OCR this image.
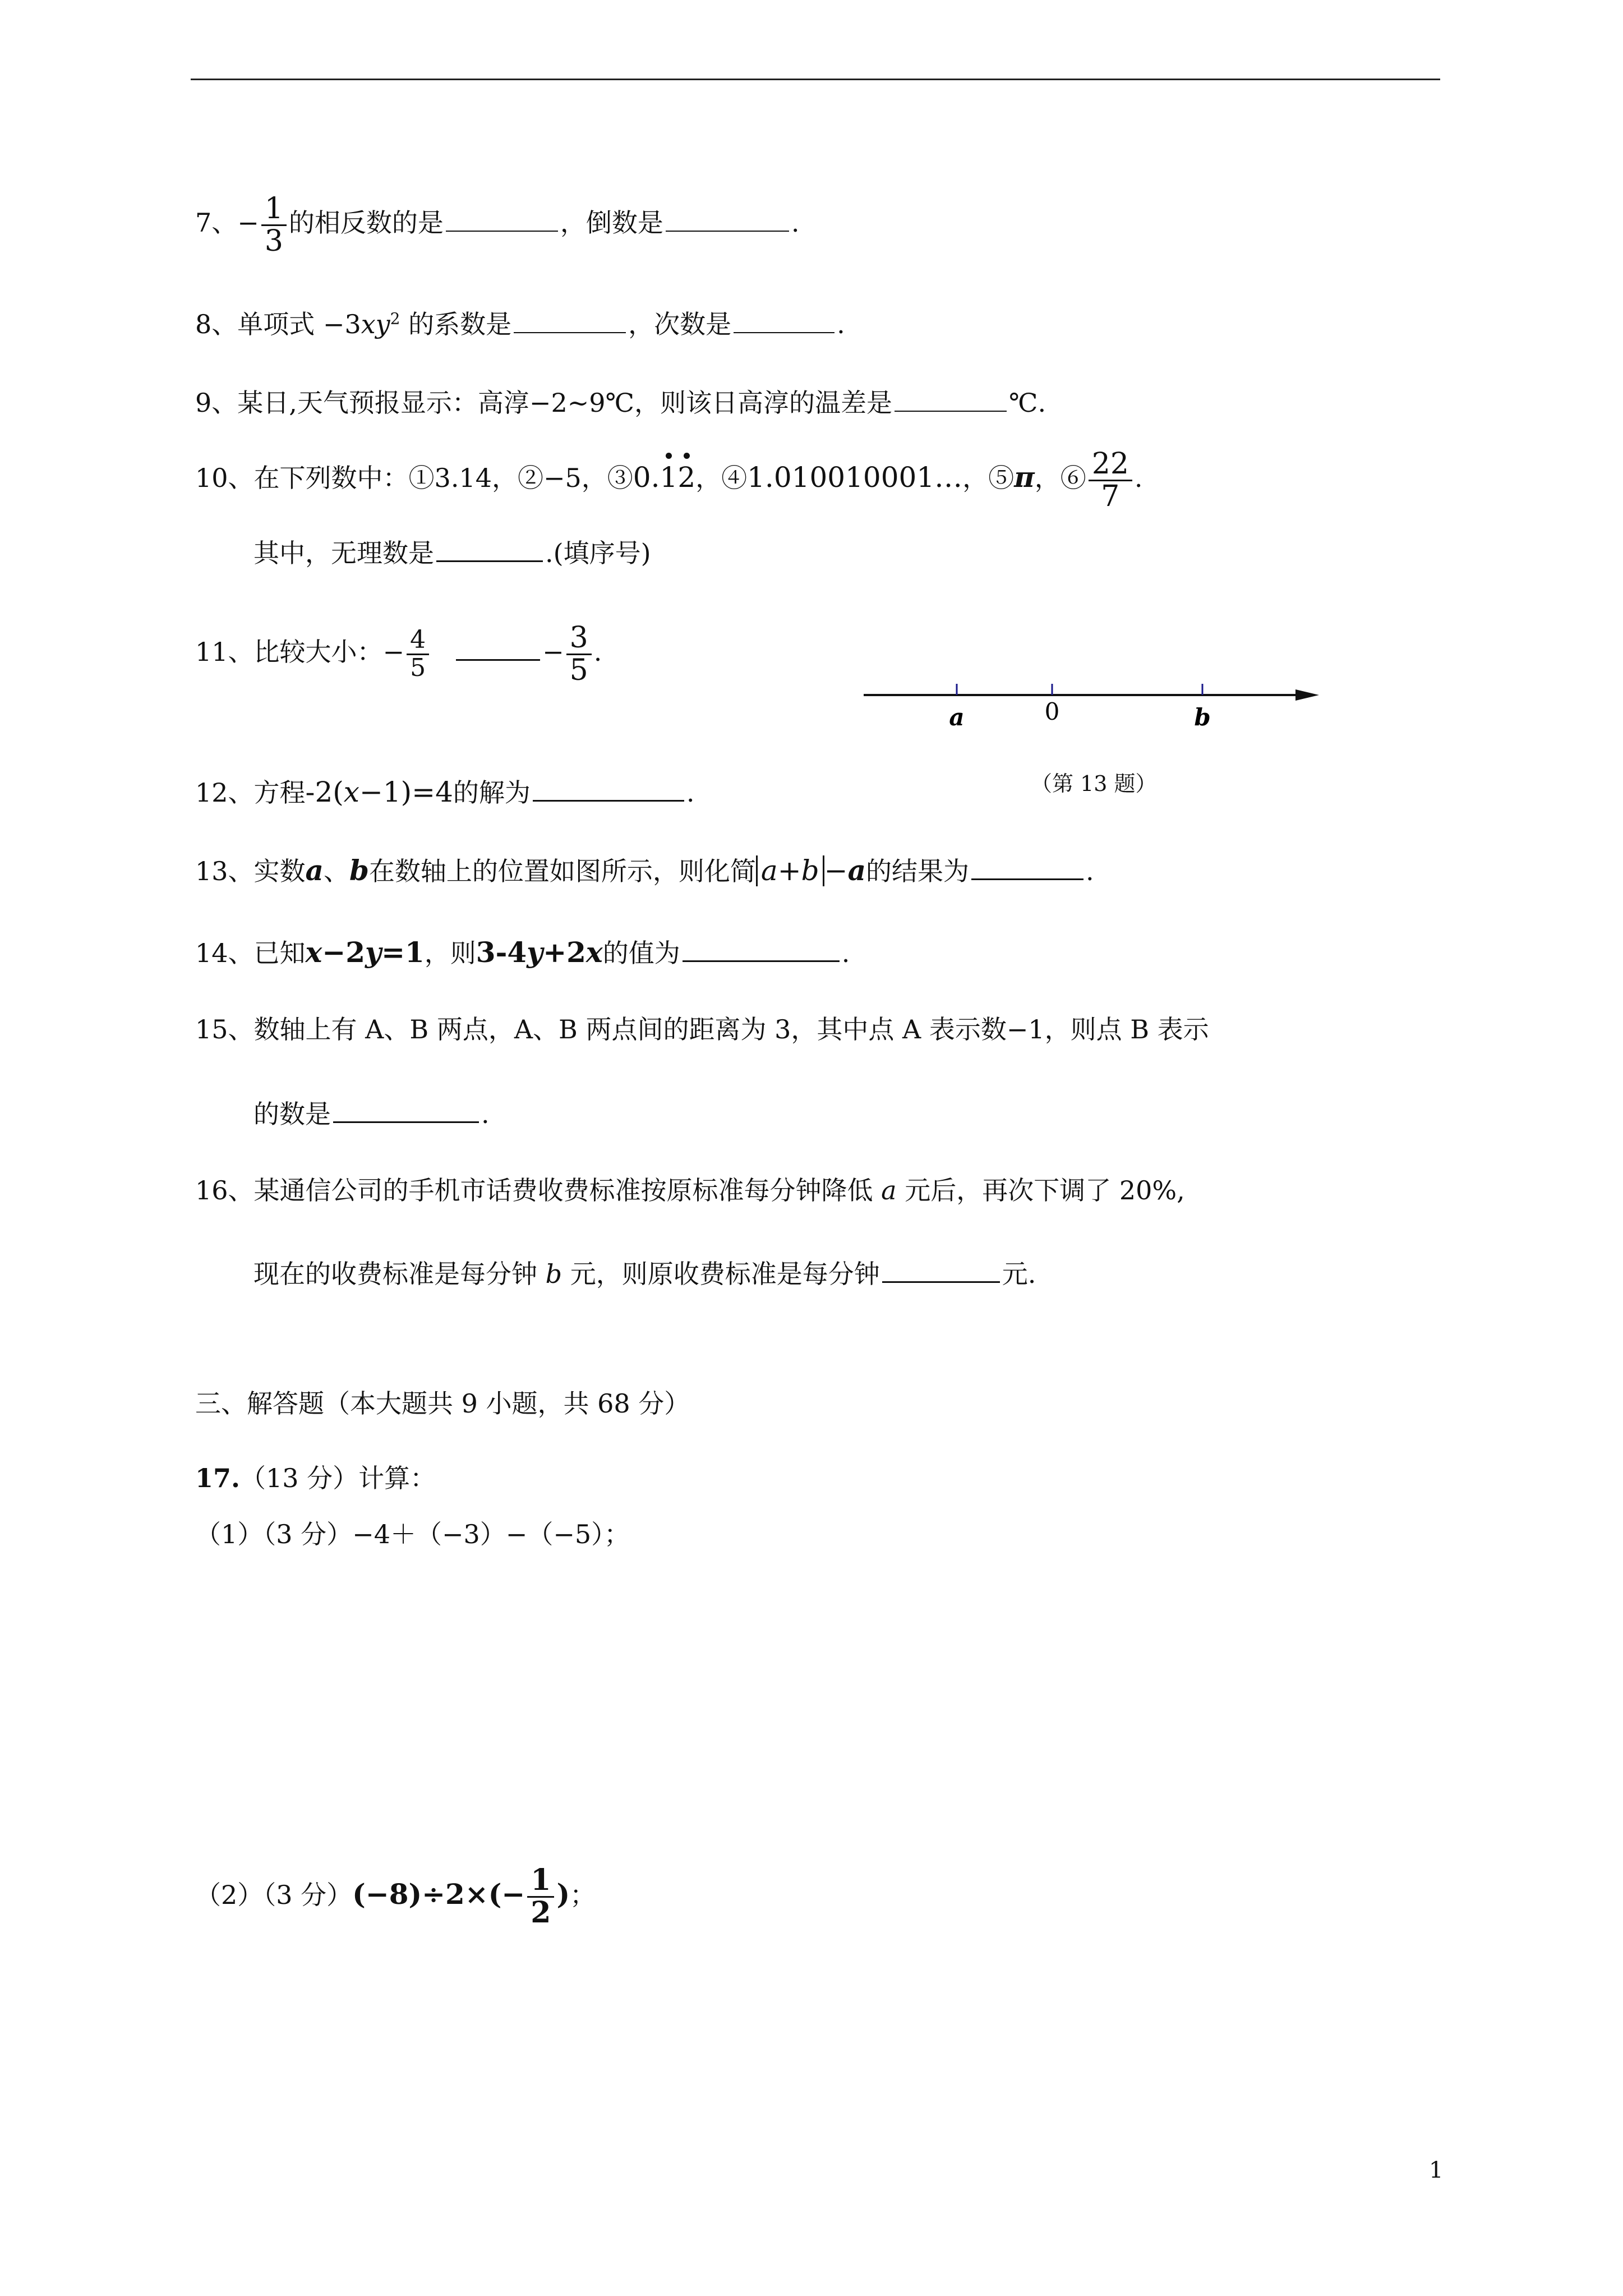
7、− $\frac{1}{3}$ 的相反数的是	，倒数是	.
8、单项式 $-3xy^2$ 的系数是	，次数是	.
9、某日,天气预报显示：高淳−2~9℃，则该日高淳的温差是	℃.
10、在下列数中：①3.14，②−5，③0.12，④1.010010001…，⑤π，⑥ $\frac{22}{7}$ .
其中，无理数是	.(填序号)
11、比较大小：− $\frac{4}{5}$	− $\frac{3}{5}$ .
a	0	b
（第 13 题）
12、方程-2(x−1)=4的解为	.
13、实数a、b在数轴上的位置如图所示，则化简 a+b −a的结果为	.
14、已知x−2y=1，则3-4y+2x的值为	.
15、数轴上有 A、B 两点，A、B 两点间的距离为 3，其中点 A 表示数−1，则点 B 表示
的数是	.
16、某通信公司的手机市话费收费标准按原标准每分钟降低 a 元后，再次下调了 20%,
现在的收费标准是每分钟 b 元，则原收费标准是每分钟	元.
三、解答题（本大题共 9 小题，共 68 分）
17.（13 分）计算：
（1）（3 分）−4＋（−3）−（−5）；
（2）（3 分）$(-8)\div 2\times(- \frac{1}{2}$ )；
1
